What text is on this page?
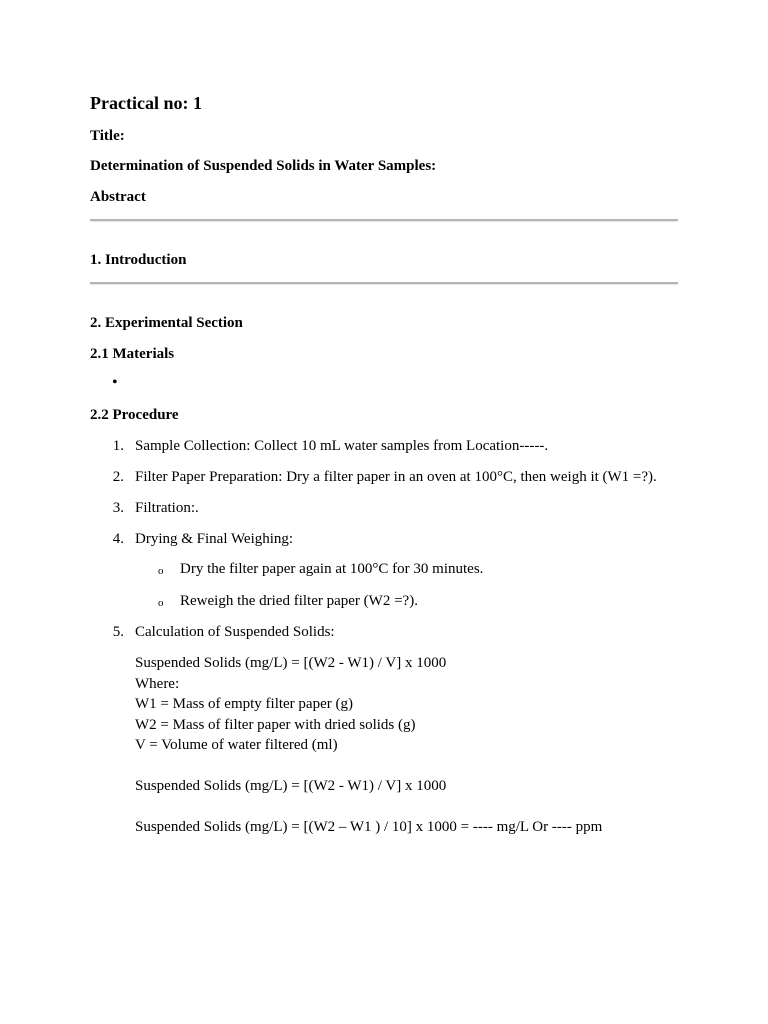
Practical no: 1
Title:
Determination of Suspended Solids in Water Samples:
Abstract
1. Introduction
2. Experimental Section
2.1 Materials
•
2.2 Procedure
1. Sample Collection: Collect 10 mL water samples from Location-----.
2. Filter Paper Preparation: Dry a filter paper in an oven at 100°C, then weigh it (W1 =?).
3. Filtration:.
4. Drying & Final Weighing:
o Dry the filter paper again at 100°C for 30 minutes.
o Reweigh the dried filter paper (W2 =?).
5. Calculation of Suspended Solids:
Suspended Solids (mg/L) = [(W2 - W1) / V] x 1000
Where:
W1 = Mass of empty filter paper (g)
W2 = Mass of filter paper with dried solids (g)
V = Volume of water filtered (ml)
Suspended Solids (mg/L) = [(W2 - W1) / V] x 1000
Suspended Solids (mg/L) = [(W2 – W1 ) / 10] x 1000 = ---- mg/L Or ---- ppm
